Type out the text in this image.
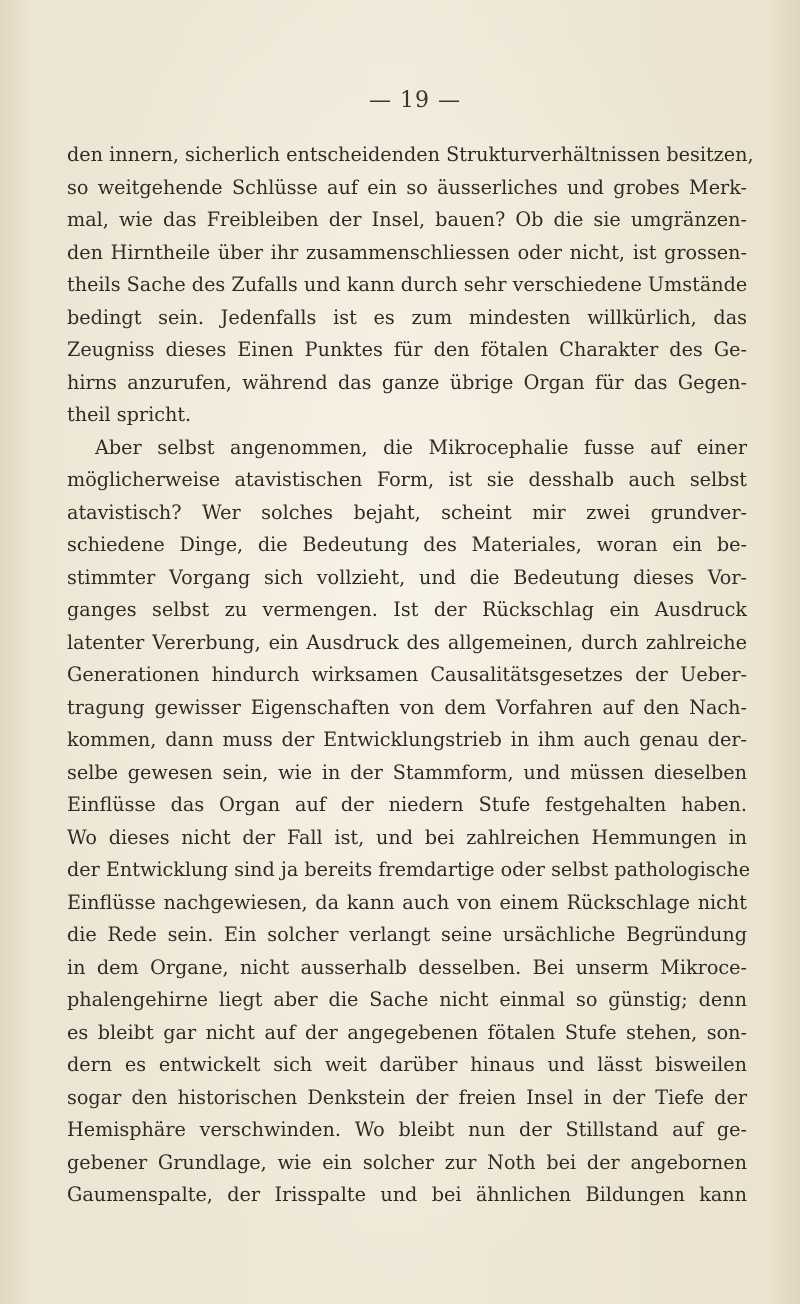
— 19 —
den innern, sicherlich entscheidenden Strukturverhältnissen besitzen,
so weitgehende Schlüsse auf ein so äusserliches und grobes Merk-
mal, wie das Freibleiben der Insel, bauen? Ob die sie umgränzen-
den Hirntheile über ihr zusammenschliessen oder nicht, ist grossen-
theils Sache des Zufalls und kann durch sehr verschiedene Umstände
bedingt sein. Jedenfalls ist es zum mindesten willkürlich, das
Zeugniss dieses Einen Punktes für den fötalen Charakter des Ge-
hirns anzurufen, während das ganze übrige Organ für das Gegen-
theil spricht.
Aber selbst angenommen, die Mikrocephalie fusse auf einer
möglicherweise atavistischen Form, ist sie desshalb auch selbst
atavistisch? Wer solches bejaht, scheint mir zwei grundver-
schiedene Dinge, die Bedeutung des Materiales, woran ein be-
stimmter Vorgang sich vollzieht, und die Bedeutung dieses Vor-
ganges selbst zu vermengen. Ist der Rückschlag ein Ausdruck
latenter Vererbung, ein Ausdruck des allgemeinen, durch zahlreiche
Generationen hindurch wirksamen Causalitätsgesetzes der Ueber-
tragung gewisser Eigenschaften von dem Vorfahren auf den Nach-
kommen, dann muss der Entwicklungstrieb in ihm auch genau der-
selbe gewesen sein, wie in der Stammform, und müssen dieselben
Einflüsse das Organ auf der niedern Stufe festgehalten haben.
Wo dieses nicht der Fall ist, und bei zahlreichen Hemmungen in
der Entwicklung sind ja bereits fremdartige oder selbst pathologische
Einflüsse nachgewiesen, da kann auch von einem Rückschlage nicht
die Rede sein. Ein solcher verlangt seine ursächliche Begründung
in dem Organe, nicht ausserhalb desselben. Bei unserm Mikroce-
phalengehirne liegt aber die Sache nicht einmal so günstig; denn
es bleibt gar nicht auf der angegebenen fötalen Stufe stehen, son-
dern es entwickelt sich weit darüber hinaus und lässt bisweilen
sogar den historischen Denkstein der freien Insel in der Tiefe der
Hemisphäre verschwinden. Wo bleibt nun der Stillstand auf ge-
gebener Grundlage, wie ein solcher zur Noth bei der angebornen
Gaumenspalte, der Irisspalte und bei ähnlichen Bildungen kann
